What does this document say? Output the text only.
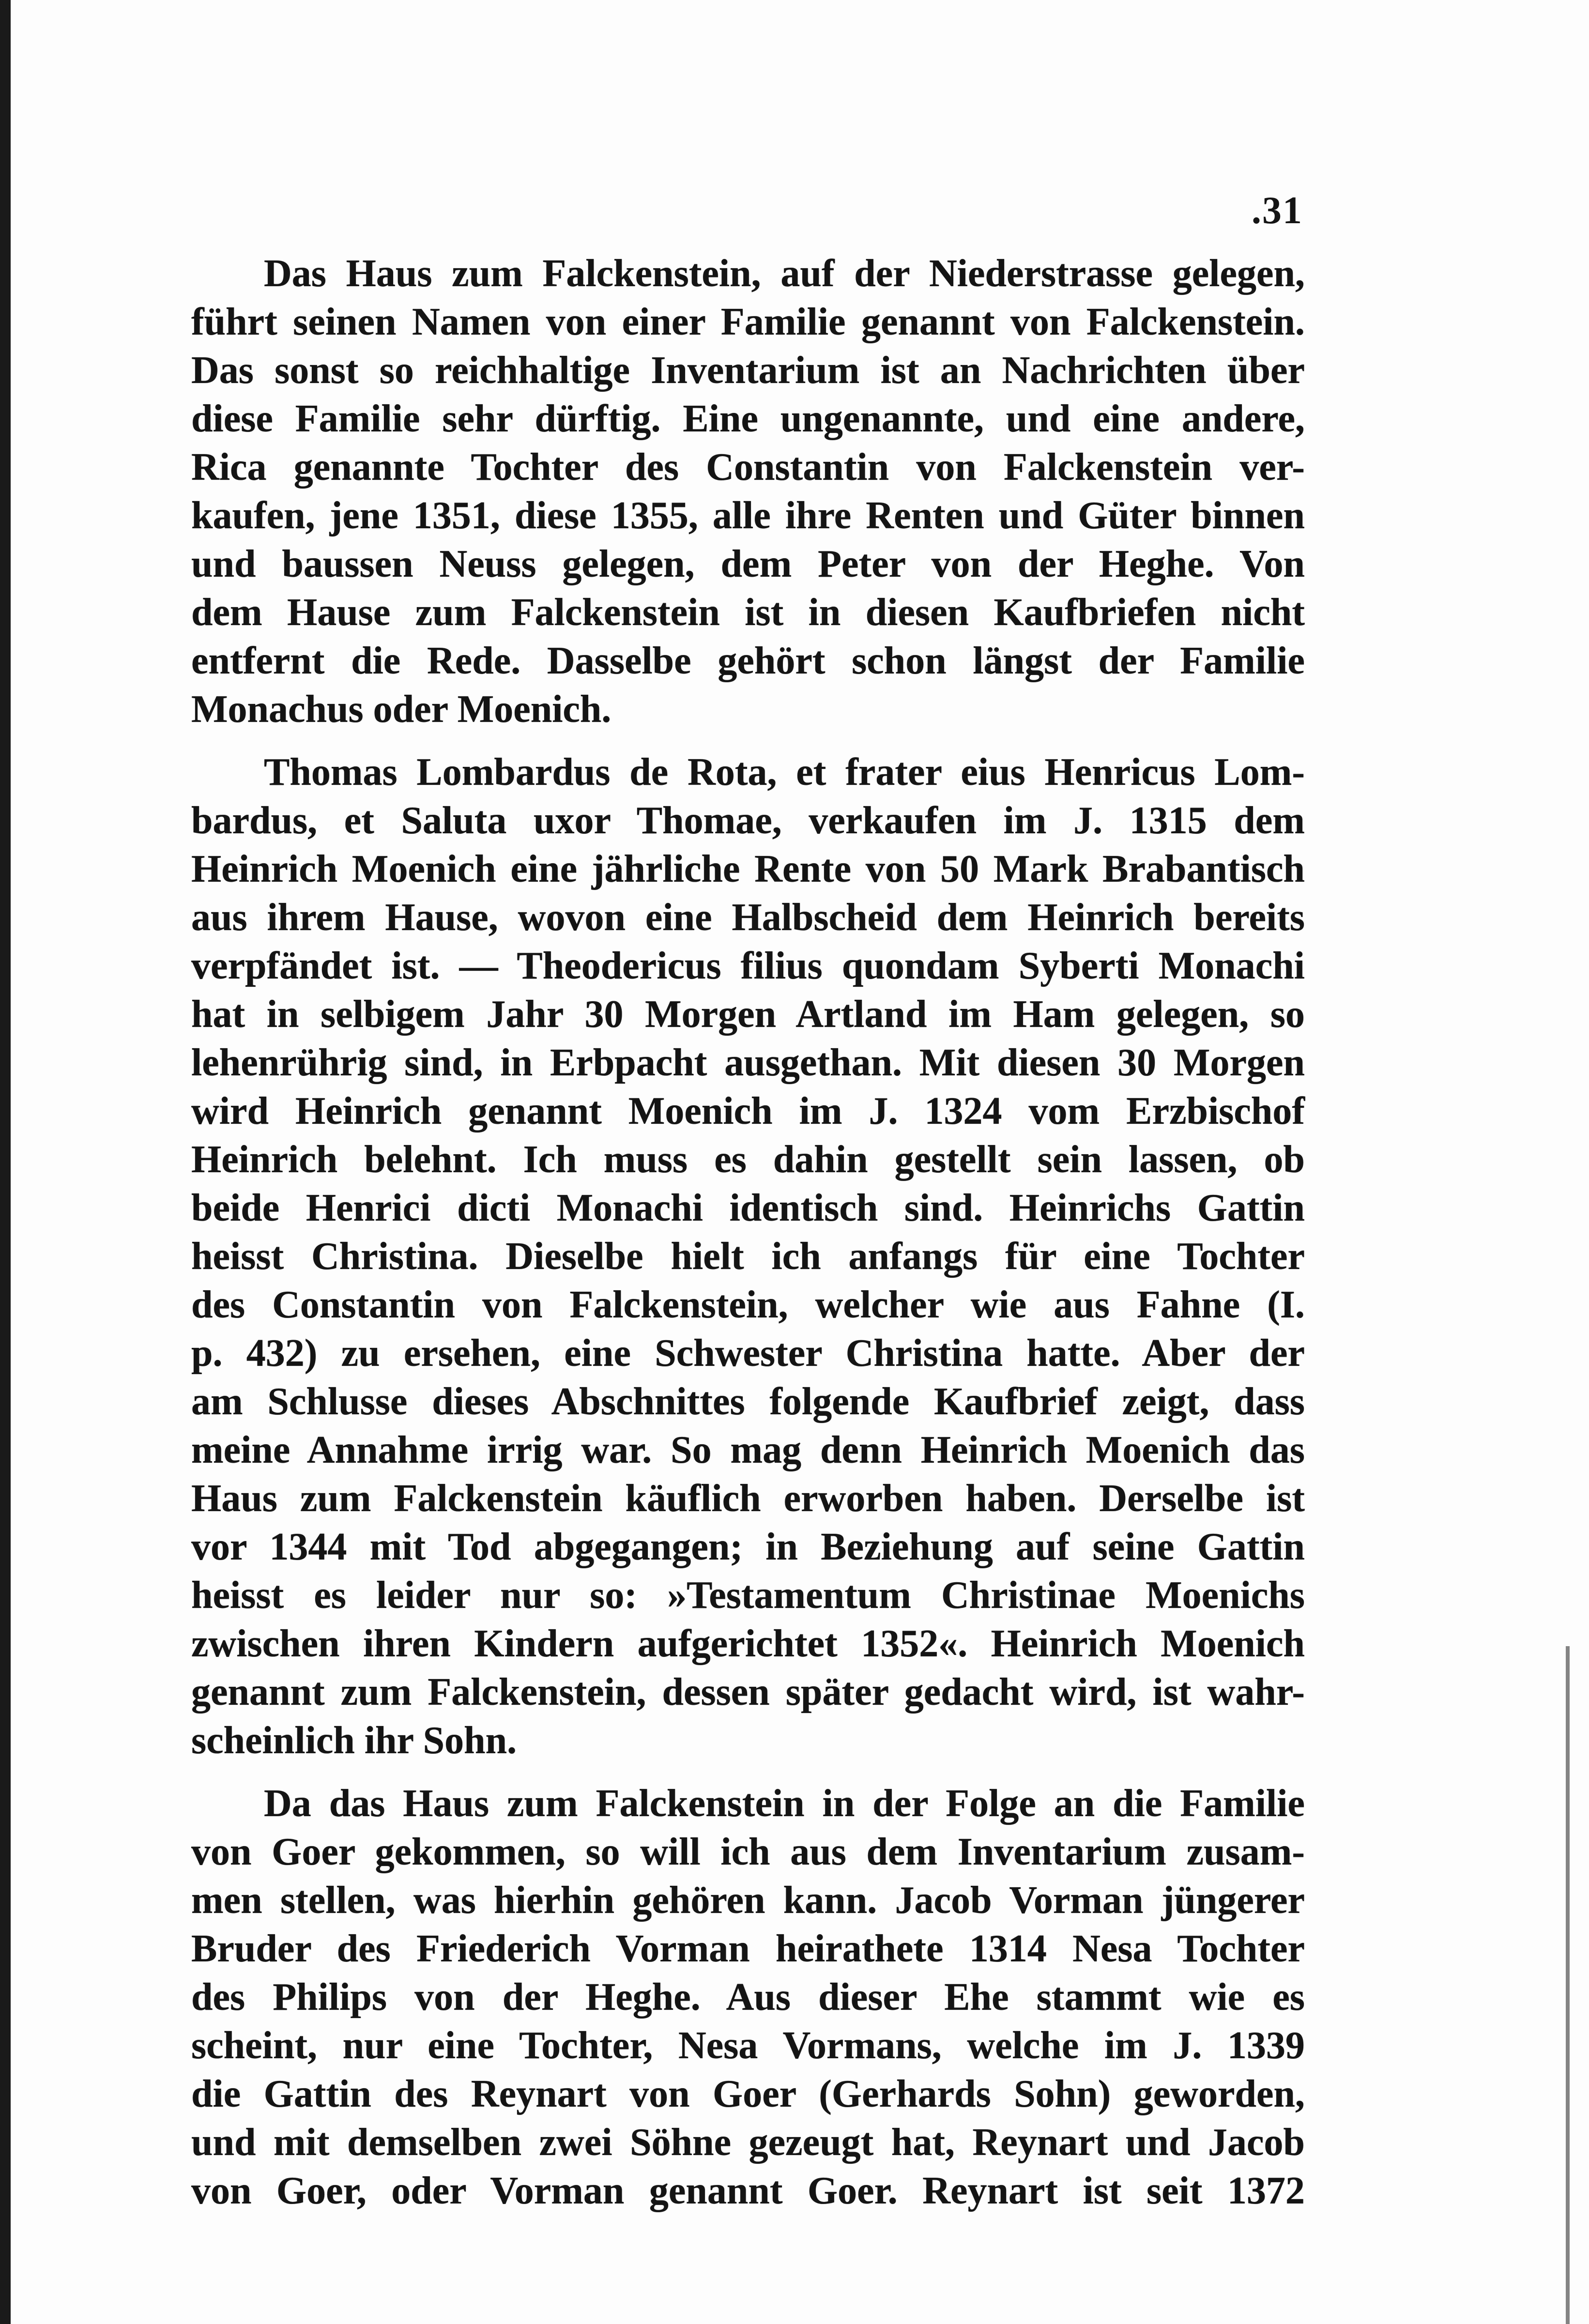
.31
Das Haus zum Falckenstein, auf der Niederstrasse gelegen,
führt seinen Namen von einer Familie genannt von Falckenstein.
Das sonst so reichhaltige Inventarium ist an Nachrichten über
diese Familie sehr dürftig. Eine ungenannte, und eine andere,
Rica genannte Tochter des Constantin von Falckenstein ver-
kaufen, jene 1351, diese 1355, alle ihre Renten und Güter binnen
und baussen Neuss gelegen, dem Peter von der Heghe. Von
dem Hause zum Falckenstein ist in diesen Kaufbriefen nicht
entfernt die Rede. Dasselbe gehört schon längst der Familie
Monachus oder Moenich.
Thomas Lombardus de Rota, et frater eius Henricus Lom-
bardus, et Saluta uxor Thomae, verkaufen im J. 1315 dem
Heinrich Moenich eine jährliche Rente von 50 Mark Brabantisch
aus ihrem Hause, wovon eine Halbscheid dem Heinrich bereits
verpfändet ist. — Theodericus filius quondam Syberti Monachi
hat in selbigem Jahr 30 Morgen Artland im Ham gelegen, so
lehenrührig sind, in Erbpacht ausgethan. Mit diesen 30 Morgen
wird Heinrich genannt Moenich im J. 1324 vom Erzbischof
Heinrich belehnt. Ich muss es dahin gestellt sein lassen, ob
beide Henrici dicti Monachi identisch sind. Heinrichs Gattin
heisst Christina. Dieselbe hielt ich anfangs für eine Tochter
des Constantin von Falckenstein, welcher wie aus Fahne (I.
p. 432) zu ersehen, eine Schwester Christina hatte. Aber der
am Schlusse dieses Abschnittes folgende Kaufbrief zeigt, dass
meine Annahme irrig war. So mag denn Heinrich Moenich das
Haus zum Falckenstein käuflich erworben haben. Derselbe ist
vor 1344 mit Tod abgegangen; in Beziehung auf seine Gattin
heisst es leider nur so: »Testamentum Christinae Moenichs
zwischen ihren Kindern aufgerichtet 1352«. Heinrich Moenich
genannt zum Falckenstein, dessen später gedacht wird, ist wahr-
scheinlich ihr Sohn.
Da das Haus zum Falckenstein in der Folge an die Familie
von Goer gekommen, so will ich aus dem Inventarium zusam-
men stellen, was hierhin gehören kann. Jacob Vorman jüngerer
Bruder des Friederich Vorman heirathete 1314 Nesa Tochter
des Philips von der Heghe. Aus dieser Ehe stammt wie es
scheint, nur eine Tochter, Nesa Vormans, welche im J. 1339
die Gattin des Reynart von Goer (Gerhards Sohn) geworden,
und mit demselben zwei Söhne gezeugt hat, Reynart und Jacob
von Goer, oder Vorman genannt Goer. Reynart ist seit 1372
